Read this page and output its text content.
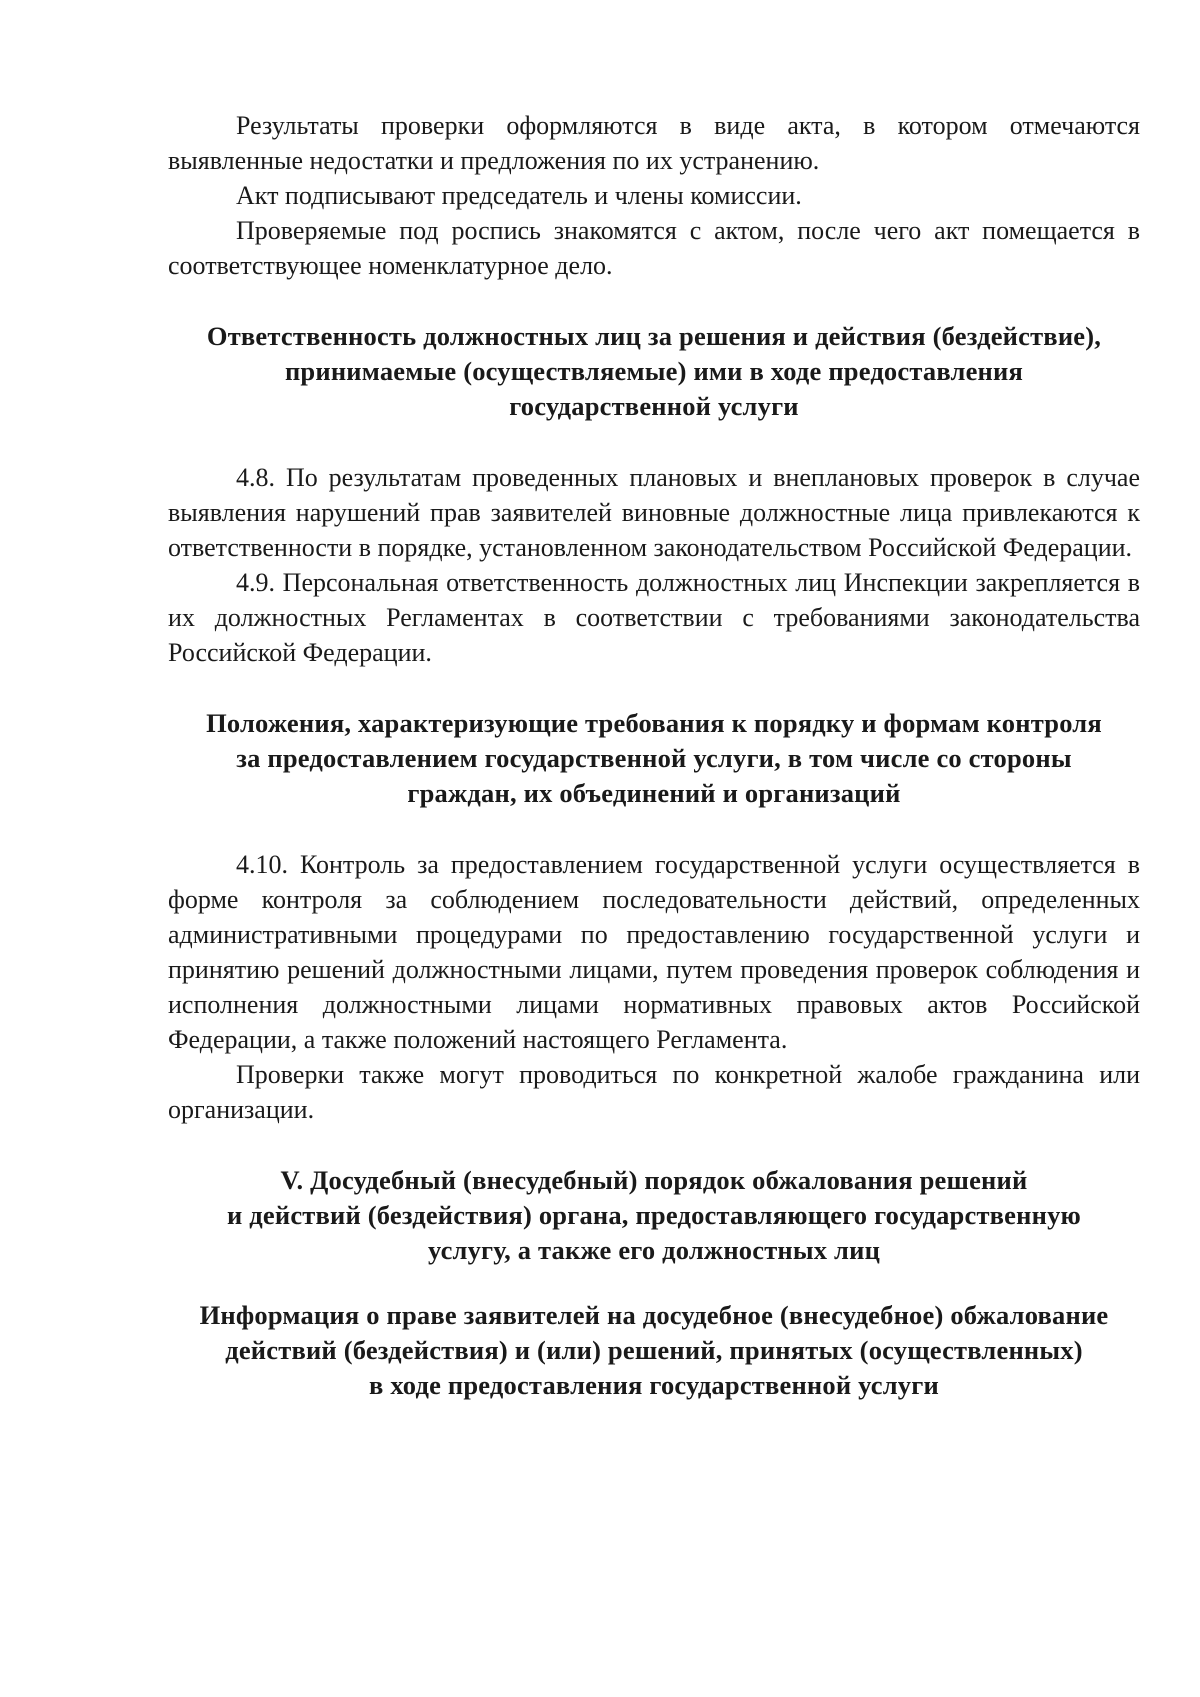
Результаты проверки оформляются в виде акта, в котором отмечаются выявленные недостатки и предложения по их устранению.

Акт подписывают председатель и члены комиссии.

Проверяемые под роспись знакомятся с актом, после чего акт помещается в соответствующее номенклатурное дело.

Ответственность должностных лиц за решения и действия (бездействие),
принимаемые (осуществляемые) ими в ходе предоставления
государственной услуги

4.8. По результатам проведенных плановых и внеплановых проверок в случае выявления нарушений прав заявителей виновные должностные лица привлекаются к ответственности в порядке, установленном законодательством Российской Федерации.

4.9. Персональная ответственность должностных лиц Инспекции закрепляется в их должностных Регламентах в соответствии с требованиями законодательства Российской Федерации.

Положения, характеризующие требования к порядку и формам контроля
за предоставлением государственной услуги, в том числе со стороны
граждан, их объединений и организаций

4.10. Контроль за предоставлением государственной услуги осуществляется в форме контроля за соблюдением последовательности действий, определенных административными процедурами по предоставлению государственной услуги и принятию решений должностными лицами, путем проведения проверок соблюдения и исполнения должностными лицами нормативных правовых актов Российской Федерации, а также положений настоящего Регламента.

Проверки также могут проводиться по конкретной жалобе гражданина или организации.

V. Досудебный (внесудебный) порядок обжалования решений
и действий (бездействия) органа, предоставляющего государственную
услугу, а также его должностных лиц
Информация о праве заявителей на досудебное (внесудебное) обжалование
действий (бездействия) и (или) решений, принятых (осуществленных)
в ходе предоставления государственной услуги
